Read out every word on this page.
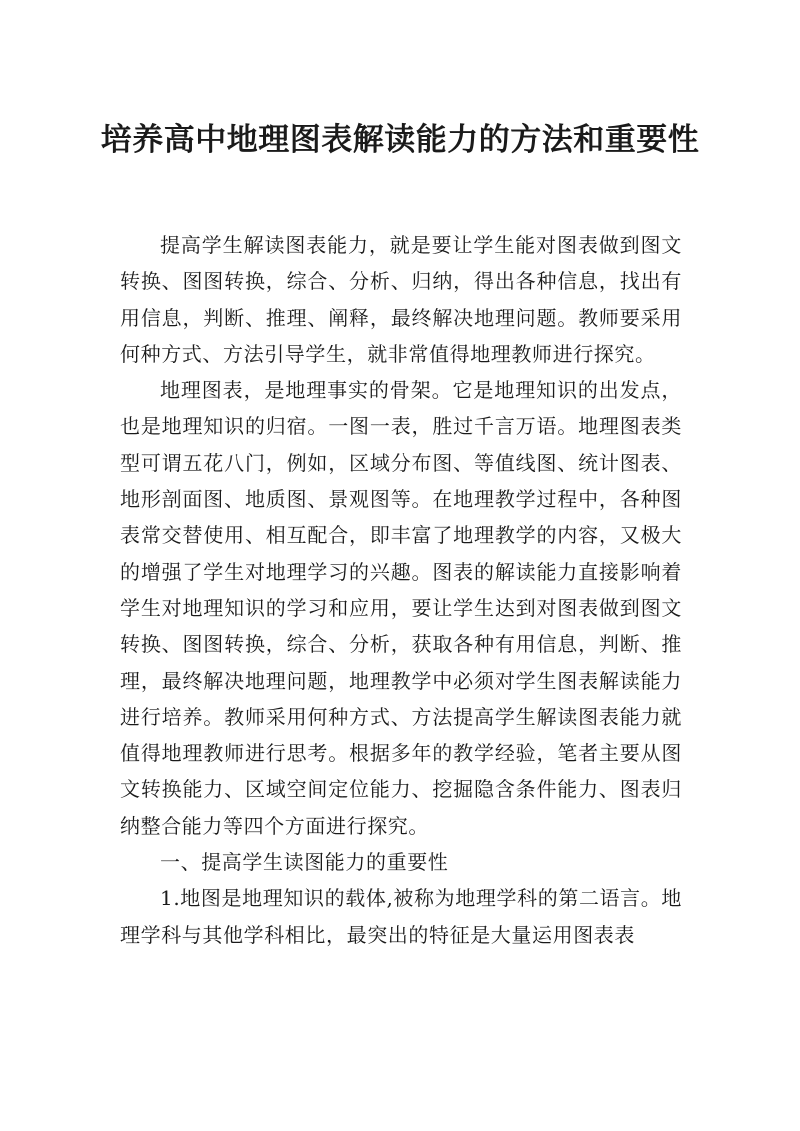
培养高中地理图表解读能力的方法和重要性

提高学生解读图表能力，就是要让学生能对图表做到图文转换、图图转换，综合、分析、归纳，得出各种信息，找出有用信息，判断、推理、阐释，最终解决地理问题。教师要采用何种方式、方法引导学生，就非常值得地理教师进行探究。

地理图表，是地理事实的骨架。它是地理知识的出发点，也是地理知识的归宿。一图一表，胜过千言万语。地理图表类型可谓五花八门，例如，区域分布图、等值线图、统计图表、地形剖面图、地质图、景观图等。在地理教学过程中，各种图表常交替使用、相互配合，即丰富了地理教学的内容，又极大的增强了学生对地理学习的兴趣。图表的解读能力直接影响着学生对地理知识的学习和应用，要让学生达到对图表做到图文转换、图图转换，综合、分析，获取各种有用信息，判断、推理，最终解决地理问题，地理教学中必须对学生图表解读能力进行培养。教师采用何种方式、方法提高学生解读图表能力就值得地理教师进行思考。根据多年的教学经验，笔者主要从图文转换能力、区域空间定位能力、挖掘隐含条件能力、图表归纳整合能力等四个方面进行探究。

一、提高学生读图能力的重要性

1.地图是地理知识的载体,被称为地理学科的第二语言。地理学科与其他学科相比，最突出的特征是大量运用图表表
